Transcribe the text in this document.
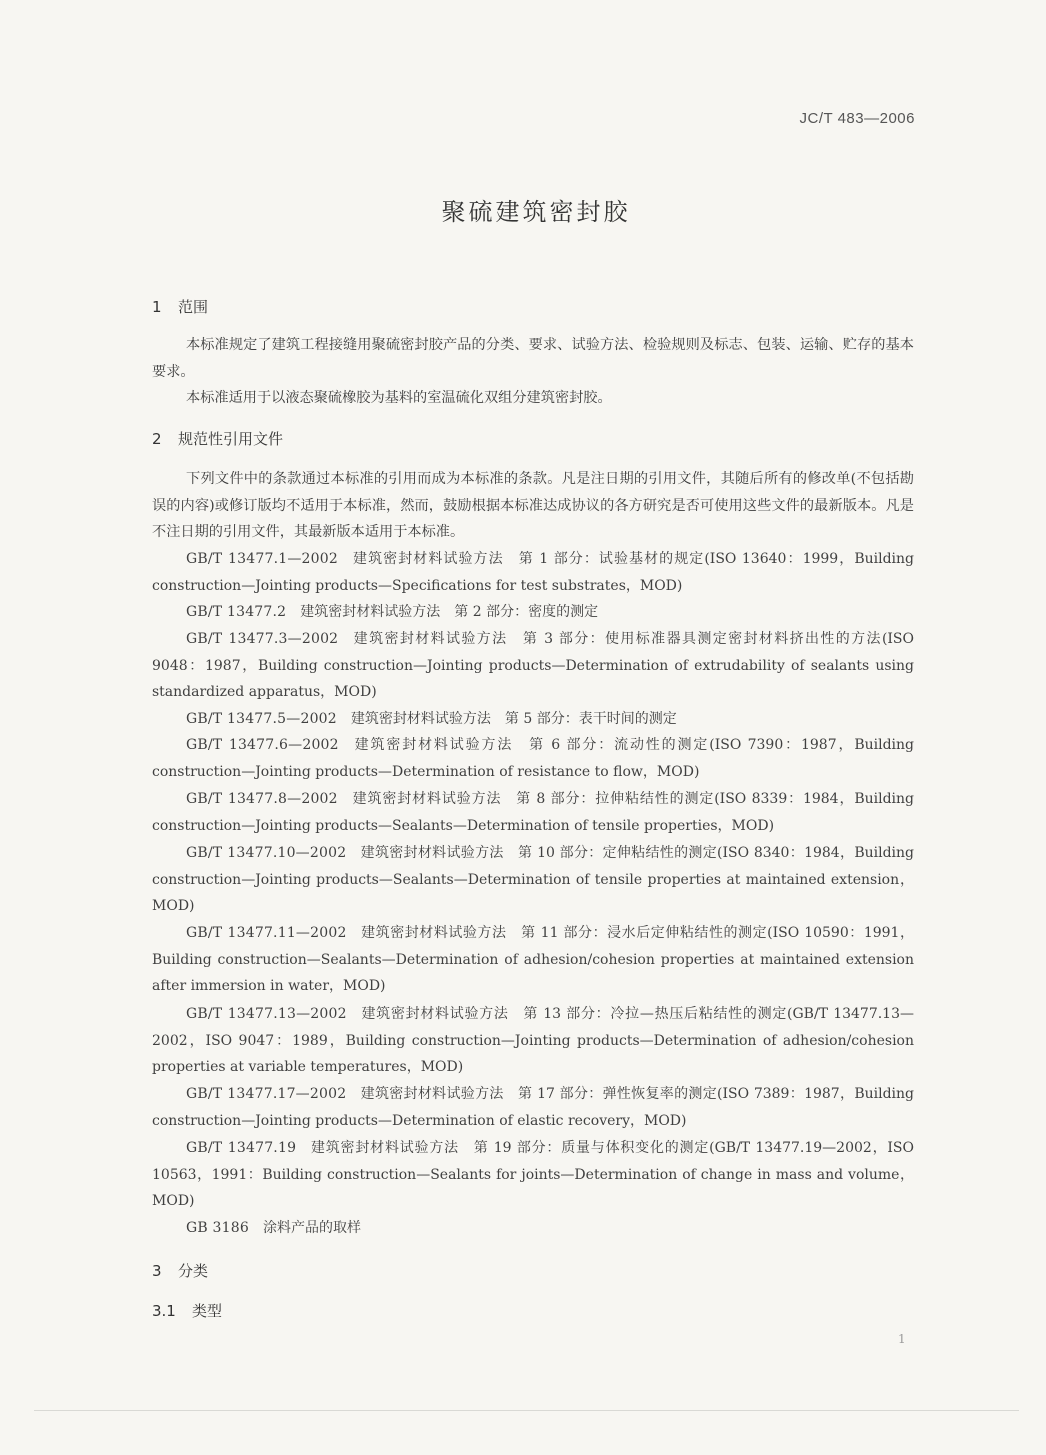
JC/T 483—2006
聚硫建筑密封胶
1 范围
本标准规定了建筑工程接缝用聚硫密封胶产品的分类、要求、试验方法、检验规则及标志、包装、运输、贮存的基本要求。
本标准适用于以液态聚硫橡胶为基料的室温硫化双组分建筑密封胶。
2 规范性引用文件
下列文件中的条款通过本标准的引用而成为本标准的条款。凡是注日期的引用文件，其随后所有的修改单(不包括勘误的内容)或修订版均不适用于本标准，然而，鼓励根据本标准达成协议的各方研究是否可使用这些文件的最新版本。凡是不注日期的引用文件，其最新版本适用于本标准。
GB/T 13477.1—2002 建筑密封材料试验方法 第 1 部分：试验基材的规定(ISO 13640：1999，Building construction—Jointing products—Specifications for test substrates，MOD)
GB/T 13477.2 建筑密封材料试验方法 第 2 部分：密度的测定
GB/T 13477.3—2002 建筑密封材料试验方法 第 3 部分：使用标准器具测定密封材料挤出性的方法(ISO 9048：1987，Building construction—Jointing products—Determination of extrudability of sealants using standardized apparatus，MOD)
GB/T 13477.5—2002 建筑密封材料试验方法 第 5 部分：表干时间的测定
GB/T 13477.6—2002 建筑密封材料试验方法 第 6 部分：流动性的测定(ISO 7390：1987，Building construction—Jointing products—Determination of resistance to flow，MOD)
GB/T 13477.8—2002 建筑密封材料试验方法 第 8 部分：拉伸粘结性的测定(ISO 8339：1984，Building construction—Jointing products—Sealants—Determination of tensile properties，MOD)
GB/T 13477.10—2002 建筑密封材料试验方法 第 10 部分：定伸粘结性的测定(ISO 8340：1984，Building construction—Jointing products—Sealants—Determination of tensile properties at maintained extension，MOD)
GB/T 13477.11—2002 建筑密封材料试验方法 第 11 部分：浸水后定伸粘结性的测定(ISO 10590：1991，Building construction—Sealants—Determination of adhesion/cohesion properties at maintained extension after immersion in water，MOD)
GB/T 13477.13—2002 建筑密封材料试验方法 第 13 部分：冷拉—热压后粘结性的测定(GB/T 13477.13—2002，ISO 9047：1989，Building construction—Jointing products—Determination of adhesion/cohesion properties at variable temperatures，MOD)
GB/T 13477.17—2002 建筑密封材料试验方法 第 17 部分：弹性恢复率的测定(ISO 7389：1987，Building construction—Jointing products—Determination of elastic recovery，MOD)
GB/T 13477.19 建筑密封材料试验方法 第 19 部分：质量与体积变化的测定(GB/T 13477.19—2002，ISO 10563，1991：Building construction—Sealants for joints—Determination of change in mass and volume，MOD)
GB 3186 涂料产品的取样
3 分类
3.1 类型
1
